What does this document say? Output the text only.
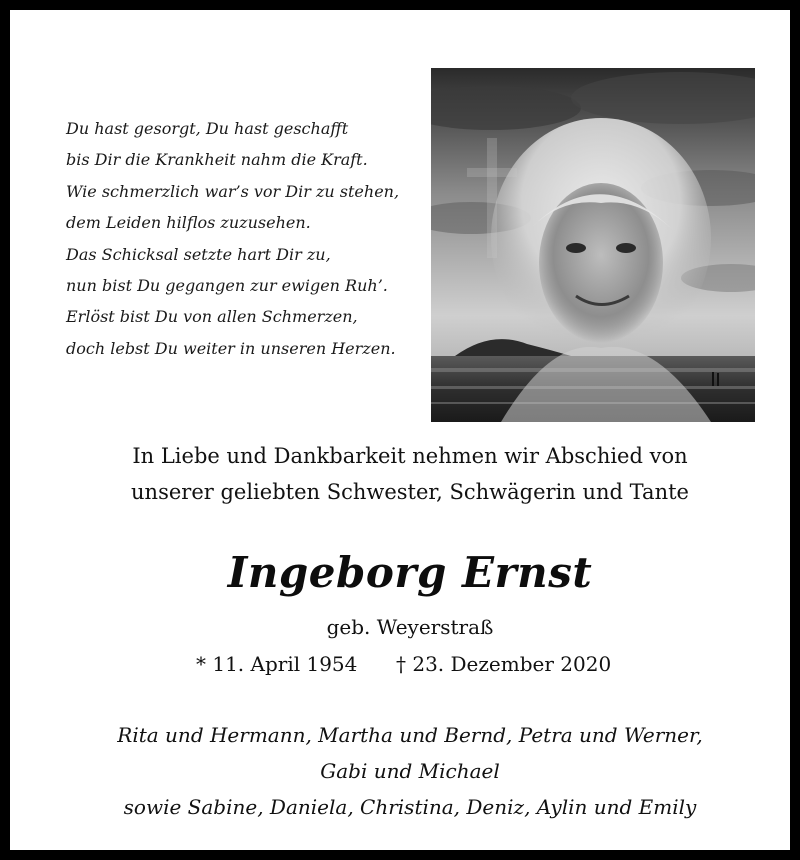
Du hast gesorgt, Du hast geschafft
bis Dir die Krankheit nahm die Kraft.
Wie schmerzlich war’s vor Dir zu stehen,
dem Leiden hilflos zuzusehen.
Das Schicksal setzte hart Dir zu,
nun bist Du gegangen zur ewigen Ruh’.
Erlöst bist Du von allen Schmerzen,
doch lebst Du weiter in unseren Herzen.
In Liebe und Dankbarkeit nehmen wir Abschied von
unserer geliebten Schwester, Schwägerin und Tante
Ingeborg Ernst
geb. Weyerstraß
* 11. April 1954 † 23. Dezember 2020
Rita und Hermann, Martha und Bernd, Petra und Werner,
Gabi und Michael
sowie Sabine, Daniela, Christina, Deniz, Aylin und Emily
